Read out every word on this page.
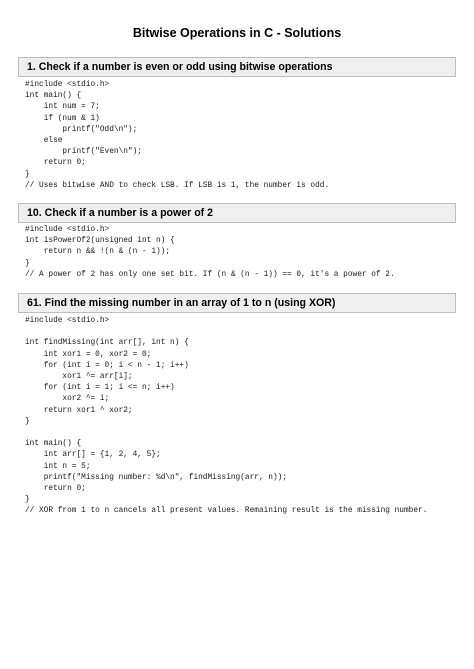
Bitwise Operations in C - Solutions
1. Check if a number is even or odd using bitwise operations
#include <stdio.h>
int main() {
int num = 7;
if (num & 1)
printf("Odd\n");
else
printf("Even\n");
return 0;
}
// Uses bitwise AND to check LSB. If LSB is 1, the number is odd.
10. Check if a number is a power of 2
#include <stdio.h>
int isPowerOf2(unsigned int n) {
return n && !(n & (n - 1));
}
// A power of 2 has only one set bit. If (n & (n - 1)) == 0, it's a power of 2.
61. Find the missing number in an array of 1 to n (using XOR)
#include <stdio.h>

int findMissing(int arr[], int n) {
int xor1 = 0, xor2 = 0;
for (int i = 0; i < n - 1; i++)
xor1 ^= arr[i];
for (int i = 1; i <= n; i++)
xor2 ^= i;
return xor1 ^ xor2;
}

int main() {
int arr[] = {1, 2, 4, 5};
int n = 5;
printf("Missing number: %d\n", findMissing(arr, n));
return 0;
}
// XOR from 1 to n cancels all present values. Remaining result is the missing number.
